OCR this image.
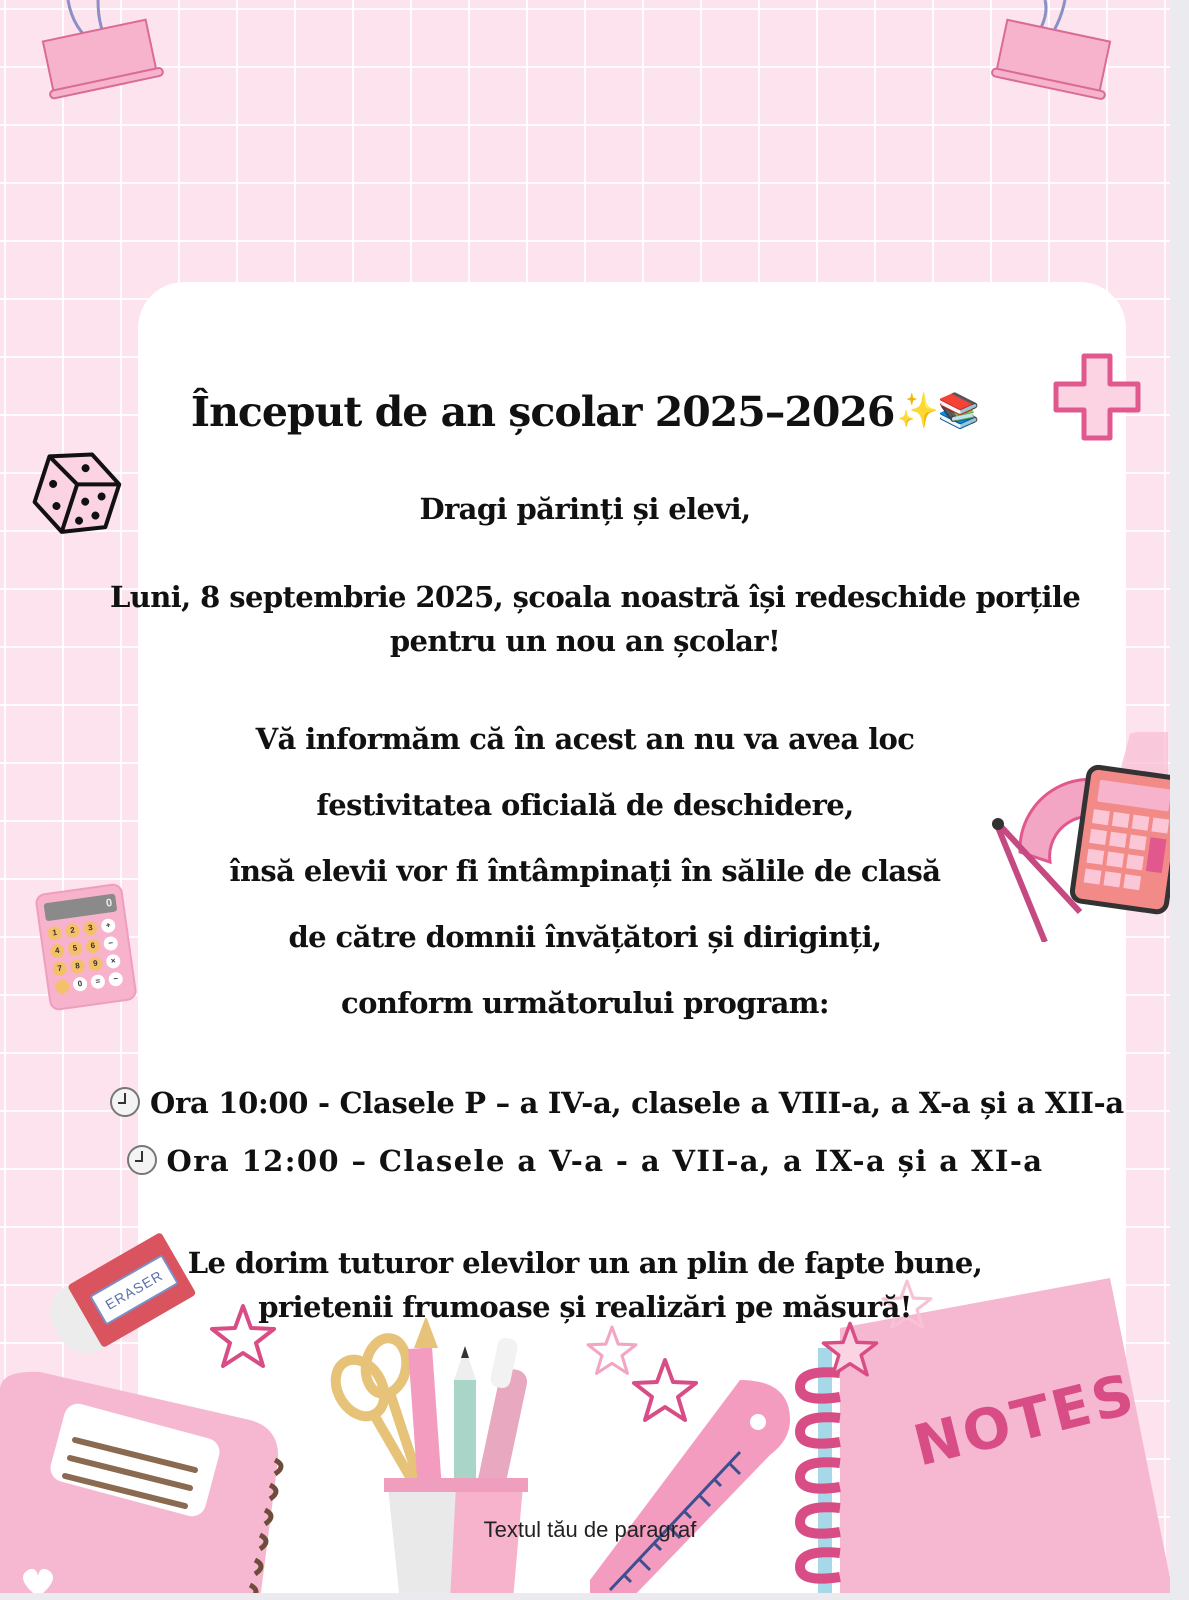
0
1	2	3	+
4	5	6	−
7	8	9	×
0	=	−
ERASER
NOTES
Început de an școlar 2025–2026✨📚
Dragi părinți și elevi,
Luni, 8 septembrie 2025, școala noastră își redeschide porțile
pentru un nou an școlar!
Vă informăm că în acest an nu va avea loc
festivitatea oficială de deschidere,
însă elevii vor fi întâmpinați în sălile de clasă
de către domnii învățători și diriginți,
conform următorului program:
Ora 10:00 - Clasele P – a IV-a, clasele a VIII-a, a X-a și a XII-a
Ora 12:00 – Clasele a V-a - a VII-a, a IX-a și a XI-a
Le dorim tuturor elevilor un an plin de fapte bune,
prietenii frumoase și realizări pe măsură!
Textul tău de paragraf
